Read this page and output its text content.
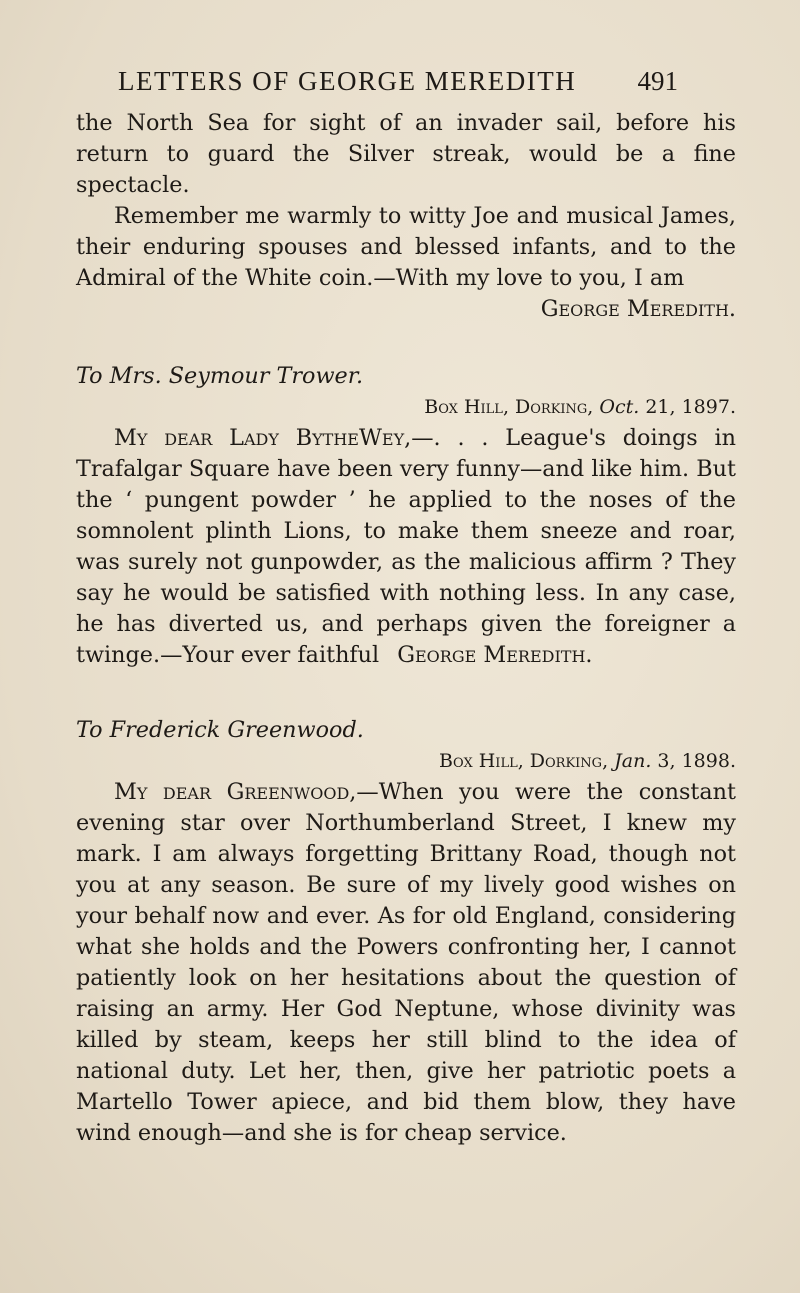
LETTERS OF GEORGE MEREDITH 491

the North Sea for sight of an invader sail, before his return to guard the Silver streak, would be a fine spectacle.

Remember me warmly to witty Joe and musical James, their enduring spouses and blessed infants, and to the Admiral of the White coin.—With my love to you, I am

George Meredith.

To Mrs. Seymour Trower.

Box Hill, Dorking, Oct. 21, 1897.

My dear Lady BytheWey,—. . . League's doings in Trafalgar Square have been very funny—and like him. But the ‘ pungent powder ’ he applied to the noses of the somnolent plinth Lions, to make them sneeze and roar, was surely not gunpowder, as the malicious affirm ? They say he would be satisfied with nothing less. In any case, he has diverted us, and perhaps given the foreigner a twinge.—Your ever faithful George Meredith.

To Frederick Greenwood.

Box Hill, Dorking, Jan. 3, 1898.

My dear Greenwood,—When you were the constant evening star over Northumberland Street, I knew my mark. I am always forgetting Brittany Road, though not you at any season. Be sure of my lively good wishes on your behalf now and ever. As for old England, considering what she holds and the Powers confronting her, I cannot patiently look on her hesitations about the question of raising an army. Her God Neptune, whose divinity was killed by steam, keeps her still blind to the idea of national duty. Let her, then, give her patriotic poets a Martello Tower apiece, and bid them blow, they have wind enough—and she is for cheap service.
